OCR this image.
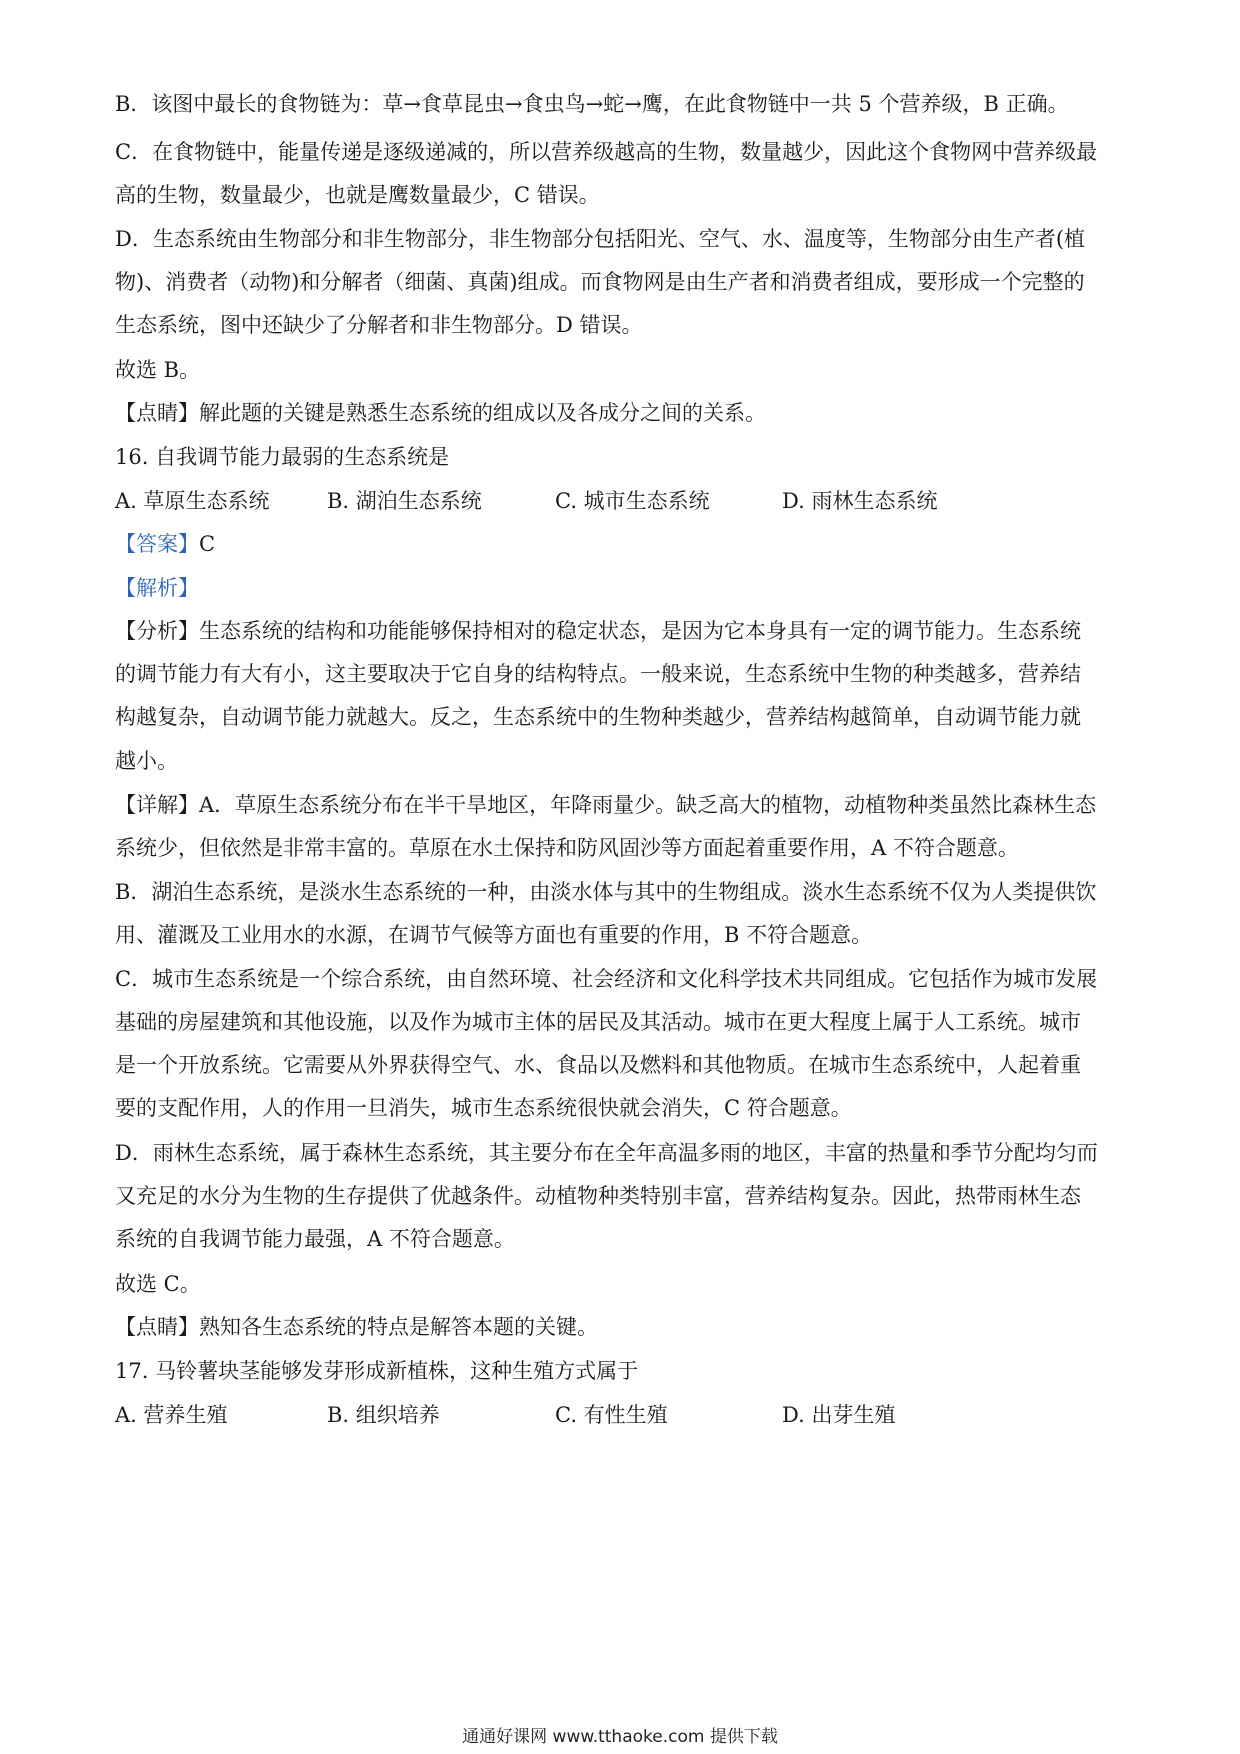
B．该图中最长的食物链为：草→食草昆虫→食虫鸟→蛇→鹰，在此食物链中一共 5 个营养级，B 正确。
C．在食物链中，能量传递是逐级递减的，所以营养级越高的生物，数量越少，因此这个食物网中营养级最
高的生物，数量最少，也就是鹰数量最少，C 错误。
D．生态系统由生物部分和非生物部分，非生物部分包括阳光、空气、水、温度等，生物部分由生产者(植
物)、消费者（动物)和分解者（细菌、真菌)组成。而食物网是由生产者和消费者组成，要形成一个完整的
生态系统，图中还缺少了分解者和非生物部分。D 错误。
故选 B。
【点睛】解此题的关键是熟悉生态系统的组成以及各成分之间的关系。
16. 自我调节能力最弱的生态系统是
A. 草原生态系统	B. 湖泊生态系统	C. 城市生态系统	D. 雨林生态系统
【答案】C
【解析】
【分析】生态系统的结构和功能能够保持相对的稳定状态，是因为它本身具有一定的调节能力。生态系统
的调节能力有大有小，这主要取决于它自身的结构特点。一般来说，生态系统中生物的种类越多，营养结
构越复杂，自动调节能力就越大。反之，生态系统中的生物种类越少，营养结构越简单，自动调节能力就
越小。
【详解】A．草原生态系统分布在半干旱地区，年降雨量少。缺乏高大的植物，动植物种类虽然比森林生态
系统少，但依然是非常丰富的。草原在水土保持和防风固沙等方面起着重要作用，A 不符合题意。
B．湖泊生态系统，是淡水生态系统的一种，由淡水体与其中的生物组成。淡水生态系统不仅为人类提供饮
用、灌溉及工业用水的水源，在调节气候等方面也有重要的作用，B 不符合题意。
C．城市生态系统是一个综合系统，由自然环境、社会经济和文化科学技术共同组成。它包括作为城市发展
基础的房屋建筑和其他设施，以及作为城市主体的居民及其活动。城市在更大程度上属于人工系统。城市
是一个开放系统。它需要从外界获得空气、水、食品以及燃料和其他物质。在城市生态系统中，人起着重
要的支配作用，人的作用一旦消失，城市生态系统很快就会消失，C 符合题意。
D．雨林生态系统，属于森林生态系统，其主要分布在全年高温多雨的地区，丰富的热量和季节分配均匀而
又充足的水分为生物的生存提供了优越条件。动植物种类特别丰富，营养结构复杂。因此，热带雨林生态
系统的自我调节能力最强，A 不符合题意。
故选 C。
【点睛】熟知各生态系统的特点是解答本题的关键。
17. 马铃薯块茎能够发芽形成新植株，这种生殖方式属于
A. 营养生殖	B. 组织培养	C. 有性生殖	D. 出芽生殖
通通好课网 www.tthaoke.com 提供下载
